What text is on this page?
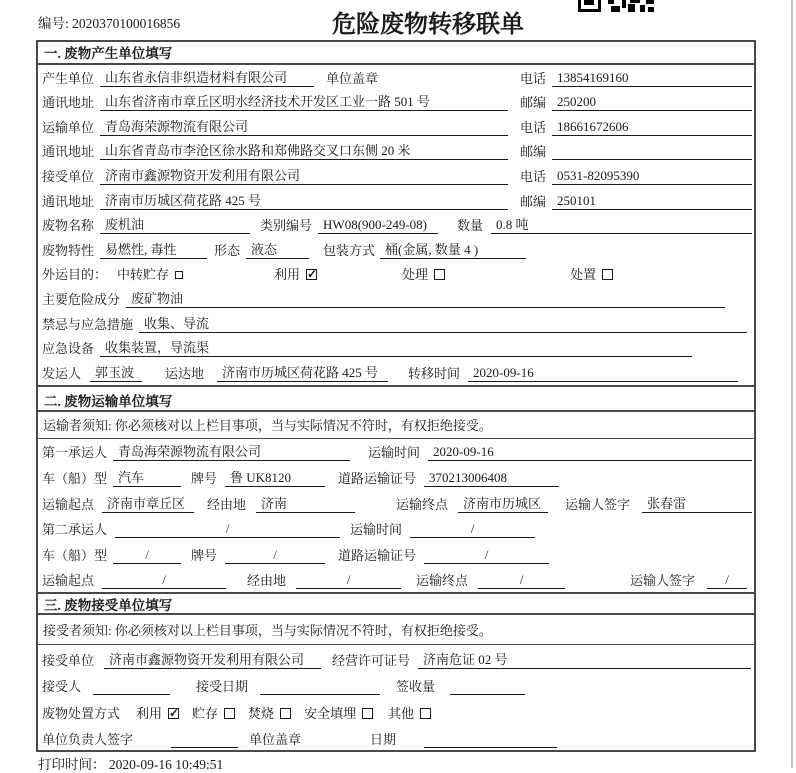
编号: 2020370100016856	危险废物转移联单
一. 废物产生单位填写
产生单位 山东省永信非织造材料有限公司	单位盖章	电话 13854169160
通讯地址 山东省济南市章丘区明水经济技术开发区工业一路 501 号	邮编 250200
运输单位 青岛海荣源物流有限公司	电话 18661672606
通讯地址 山东省青岛市李沧区徐水路和郑佛路交叉口东侧 20 米	邮编
接受单位 济南市鑫源物资开发利用有限公司	电话 0531-82095390
通讯地址 济南市历城区荷花路 425 号	邮编 250101
废物名称 废机油	类别编号 HW08(900-249-08)	数量	0.8 吨
废物特性 易燃性, 毒性	形态 液态	包装方式 桶(金属, 数量 4 )
外运目的： 中转贮存	利用 ✓	处理	处置
主要危险成分 废矿物油
禁忌与应急措施 收集、导流
应急设备 收集装置，导流渠
发运人	郭玉波	运达地	济南市历城区荷花路 425 号	转移时间	2020-09-16
二. 废物运输单位填写
运输者须知: 你必须核对以上栏目事项，当与实际情况不符时，有权拒绝接受。
第一承运人 青岛海荣源物流有限公司	运输时间	2020-09-16
车（船）型 汽车	牌号	鲁 UK8120	道路运输证号	370213006408
运输起点	济南市章丘区	经由地	济南	运输终点	济南市历城区	运输人签字	张春雷
第二承运人	/	运输时间	/
车（船）型	/	牌号	/	道路运输证号	/
运输起点	/	经由地	/	运输终点	/	运输人签字	/
三. 废物接受单位填写
接受者须知: 你必须核对以上栏目事项，当与实际情况不符时，有权拒绝接受。
接受单位	济南市鑫源物资开发利用有限公司	经营许可证号	济南危证 02 号
接受人	接受日期	签收量
废物处置方式 利用 ✓	贮存	焚烧	安全填埋	其他
单位负责人签字	单位盖章	日期
打印时间： 2020-09-16 10:49:51
